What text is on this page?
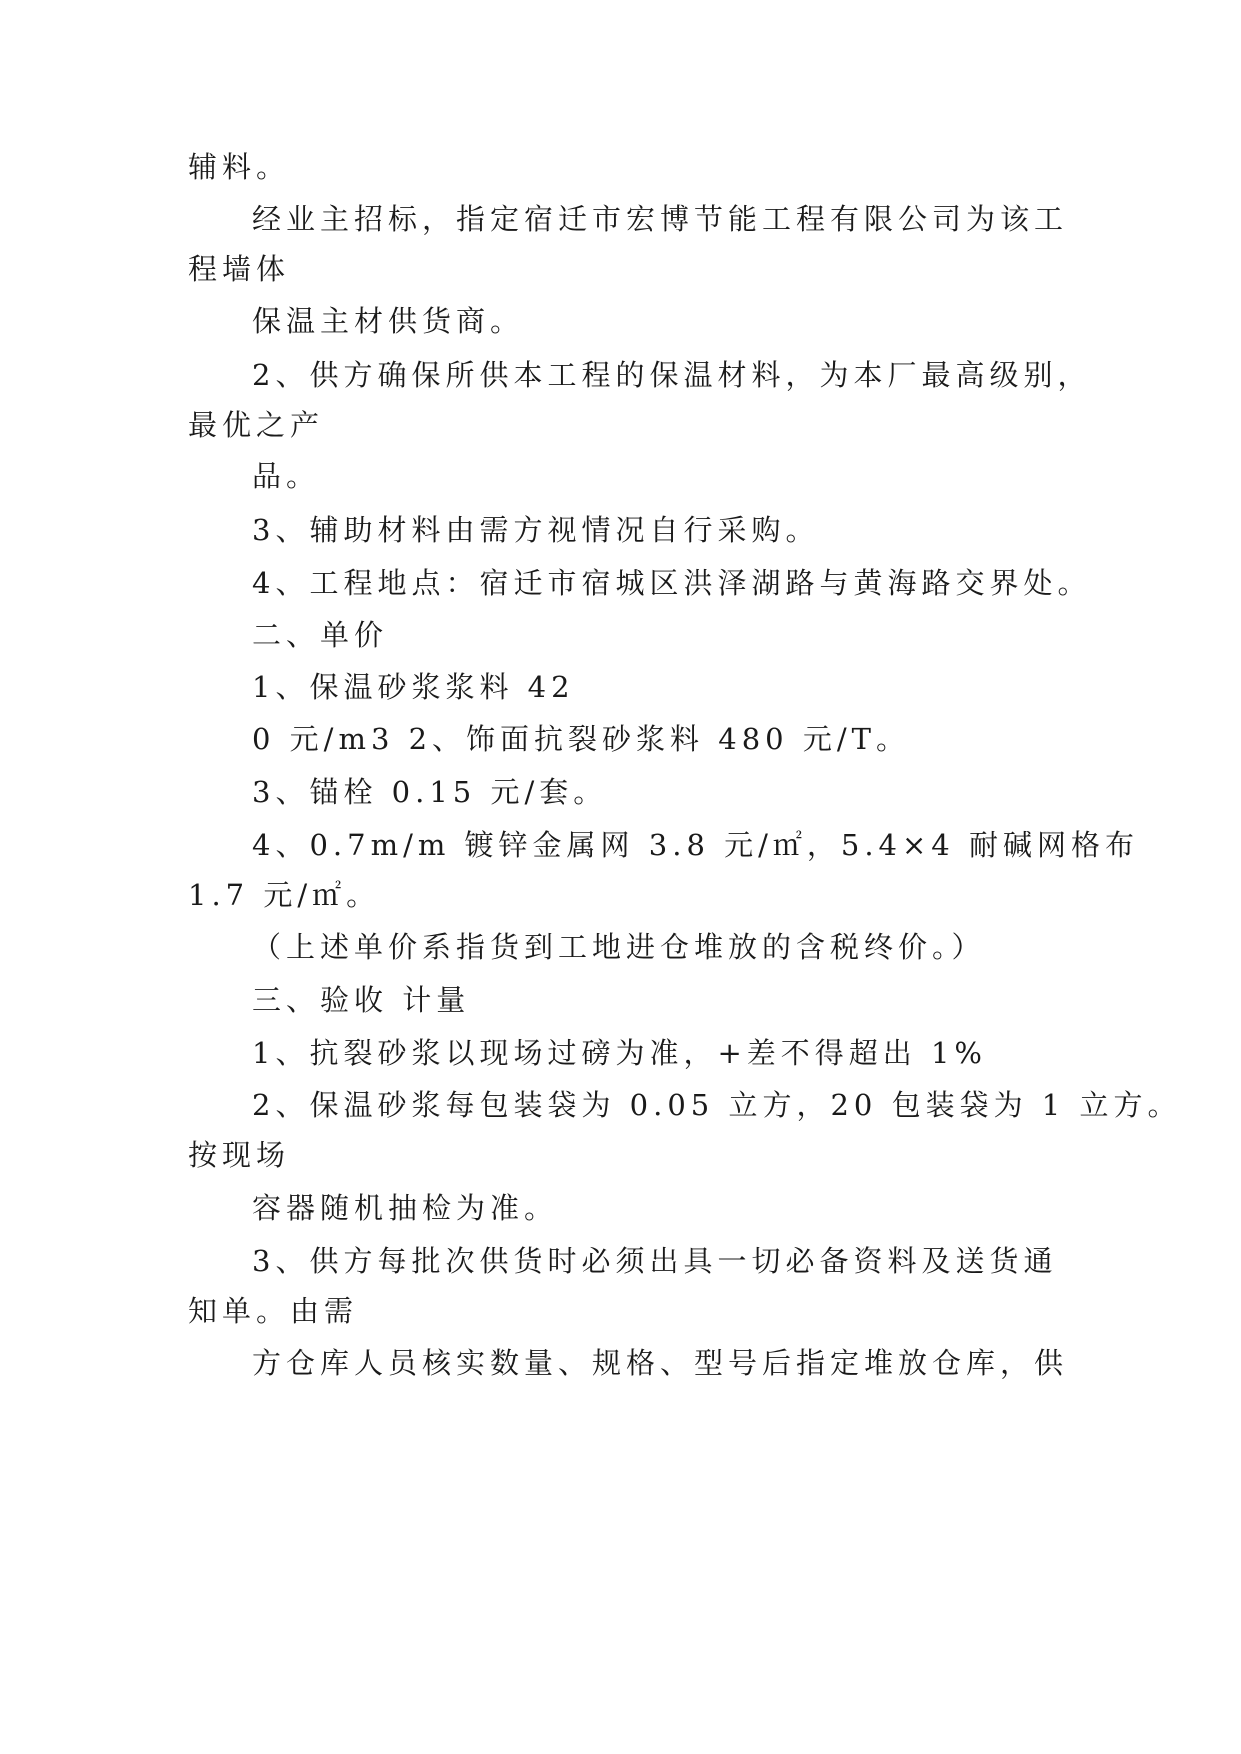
辅料。

经业主招标，指定宿迁市宏博节能工程有限公司为该工

程墙体

保温主材供货商。

2、供方确保所供本工程的保温材料，为本厂最高级别，

最优之产

品。

3、辅助材料由需方视情况自行采购。

4、工程地点：宿迁市宿城区洪泽湖路与黄海路交界处。

二、单价

1、保温砂浆浆料 42

0 元/m3 2、饰面抗裂砂浆料 480 元/T。

3、锚栓 0.15 元/套。

4、0.7m/m 镀锌金属网 3.8 元/㎡，5.4×4 耐碱网格布

1.7 元/㎡。

（上述单价系指货到工地进仓堆放的含税终价。）

三、验收 计量

1、抗裂砂浆以现场过磅为准，+差不得超出 1%

2、保温砂浆每包装袋为 0.05 立方，20 包装袋为 1 立方。

按现场

容器随机抽检为准。

3、供方每批次供货时必须出具一切必备资料及送货通

知单。由需

方仓库人员核实数量、规格、型号后指定堆放仓库，供
